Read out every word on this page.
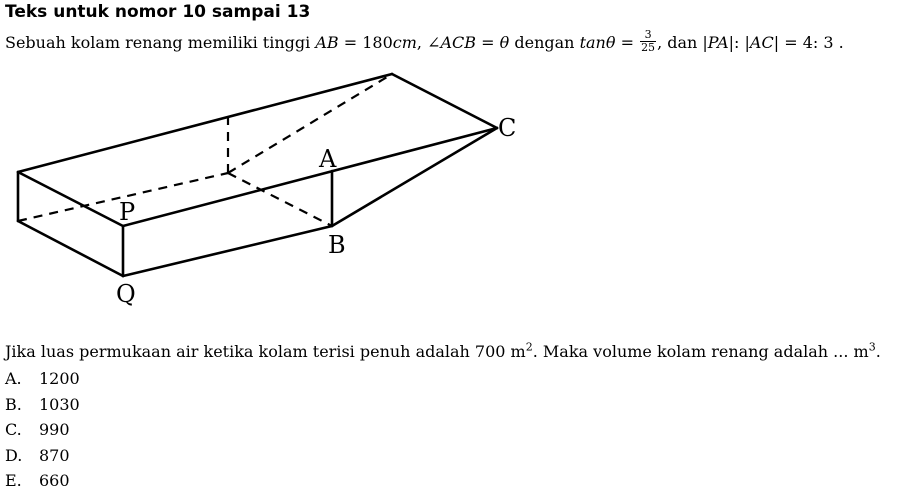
Teks untuk nomor 10 sampai 13
Sebuah kolam renang memiliki tinggi AB = 180cm, ∠ACB = θ dengan $\tan\theta = \frac{3}{25}$ , dan |PA|: |AC| = 4: 3 .
C
A
P
B
Q
Jika luas permukaan air ketika kolam terisi penuh adalah 700 $m^2$. Maka volume kolam renang adalah ... $m^3$.
A. 1200
B. 1030
C. 990
D. 870
E. 660
